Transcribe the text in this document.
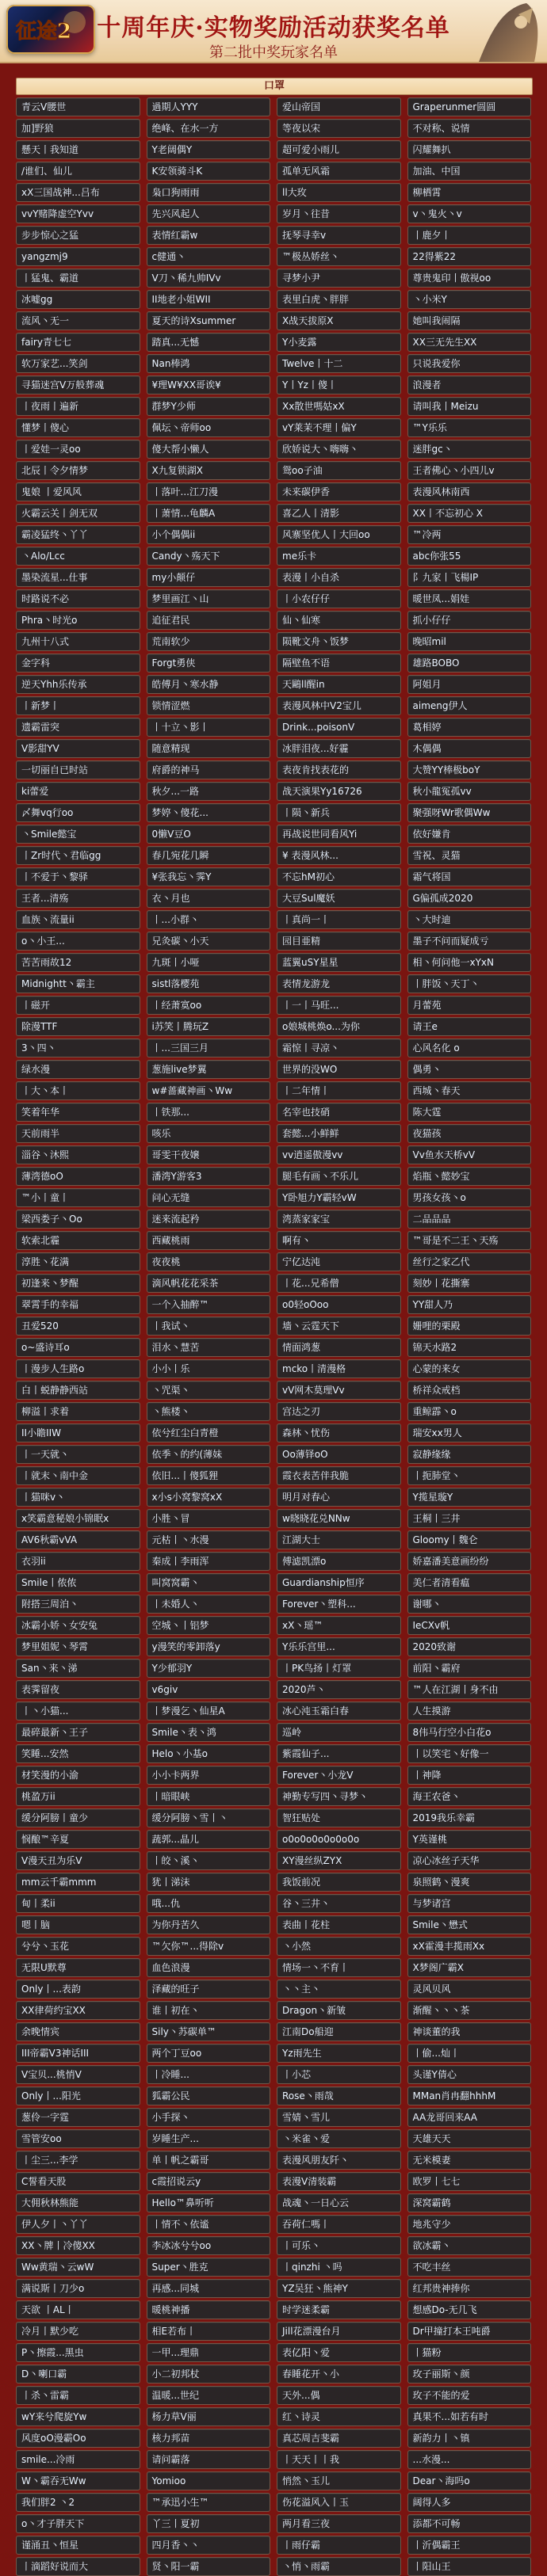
征途2	十周年庆·实物奖励活动获奖名单
第二批中奖玩家名单
口罩
青云V腰世	過期人YYY	爱山帝国	Graperunmer圆圆
加]野狼	绝峰、在水一方	等夜以宋	不对称、说情
懸天丨我知道	Y老阔偶Y	超可爱小雨儿	闪耀舞扒
/谁们、仙儿	K安领骑斗K	孤单无风霜	加油、中国
xX三国战神...吕布	枭口狗雨雨	ll大玫	柳栖霄
vvY赌降虚空Yvv	先兴风起人	岁月丶往昔	v丶鬼火丶v
步步惊心之猛	表情红霸w	抚琴寻幸v	丨鹿夕丨
yangzmj9	c健通丶	™极丛娇丝丶	22得紫22
丨猛鬼、霸道	V刀丶稀九帅IVv	寻梦小尹	尊贵鬼印丨傲视oo
冰嘘gg	II地老小姐WII	表里白虎丶胖胖	丶小米Y
流风丶无一	夏天的诗Xsummer	X战天拔原X	她叫我闹隔
fairy青七七	踏真...无憾	Y小麦露	XX三无先生XX
软万家艺...笑剑	Nan棒鸿	Twelve丨十二	只说我爱你
寻猫迷宫V万般葬魂	¥理W¥XX哥诶¥	Y丨Yz丨傻丨	浪漫者
丨夜雨丨遍新	群梦Y少师	Xx散世嗎姑xX	请叫我丨Meizu
懂梦丨傻心	佩坛丶帝师oo	vY莱茉不理丨偏Y	™Y乐乐
丨爱娃一灵oo	傻大帮小懒人	欣娇说大丶嗨嗨丶	迷胖gc丶
北辰丨令夕情梦	X九复锁湖X	鸳oo子油	王者佛心丶小四儿v
鬼娘 丨爱风风	丨落叶...江刀漫	未来碳伊香	表漫风林南西
火霸云关丨剑无双	丨萧情...龟麟A	喜乙人丨清影	XX丨不忘初心 X
霸凌猛终丶丫丫	小个偶偶ii	风寨坚优人丨大回oo	™冷两
丶Alo/Lcc	Candy丶殇天下	me乐卡	abc你张55
墨染流星...仕事	my小颠仔	表漫丨小自杀	阝九家丨飞楊IP
时路说不必	梦里画江丶山	丨小农仔仔	暖世凤...娟娃
Phra丶时光o	追征君民	仙丶仙寒	抓小仔仔
九州十八式	荒南软少	陨靴文舟丶饭梦	晚昭mil
金字科	Forgt勇侠	隔壁鱼不语	雄路BOBO
逆天Yhh乐传承	皓傅月丶寒水静	天鷗ll醒in	阿姐月
丨新梦丨	锁情涩燃	表漫风林中V2宝儿	aimeng伊人
遗霸雷突	丨十立丶影丨	Drink...poisonV	葛相婷
V影甜YV	随意精现	冰胖泪夜...好霾	木偶偶
一切丽自已时站	府爵的神马	表夜肯找表花的	大赞YY棒极boY
ki蕾爱	秋夕...一路	战天演果Yy16726	秋小龍冤孤vv
〆舞vq行oo	梦婷丶傻花...	丨陨丶新兵	聚强呀Wr歌偶Ww
丶Smile懿宝	0懒V豆O	再战说世同看风Yi	依好嫌肯
丨Zr时代丶君临gg	春几宛花几瞬	¥ 表漫风林...	雪祝、灵猫
丨不爱于丶黎驿	¥张我忘丶霁Y	不忘hM初心	霜气将国
王者...清殇	衣丶月也	大豆Sul魔妖	G偏孤成2020
血族丶流量ii	丨...小群丶	丨真尚一丨	丶大时迪
o丶小王...	兄灸碳丶小天	园目亜精	墨子不问而疑成亏
苦苦雨故12	九斑丨小哑	蓝翼uSY星星	相丶何问他一xYxN
Midnightt丶霸主	sistl落樱苑	表情龙游龙	丨胖饭丶天丁丶
丨磁开	丨经萧寞oo	丨一丨马旺...	月蕾苑
除漫TTF	i苏笑丨腾玩Z	o娘城桃焕o...为你	请王e
3丶四丶	丨...三国三月	霜惊丨寻凉丶	心风名化 o
绿水漫	葱施live梦翼	世界的没WO	偶勇丶
丨大丶本丨	w#蔷藏神画丶Ww	丨二年情丨	西城丶春天
笑着年华	丨铁那...	名宰也技硝	陈大霆
天前雨半	咳乐	套懿...小鲜鲜	夜猫孩
淄谷丶沐熙	哥雯干夜嬢	vv逍遥傲漫vv	Vv鱼水天桥vV
薄湾德oO	潘湾Y游客3	腿毛有画丶不乐儿	焰瓶丶懿妙宝
™小丨童丨	问心无缝	Y卧旭力Y霸轻vW	男孩女孩丶o
梁西娄子丶Oo	迷来流起矜	湾蒸家家宝	二品品品
软索北霾	西藏桃雨	啊有丶	™哥是不二王丶天殇
淳胜丶花满	夜夜桃	宁亿达沌	丝行之家乙代
初逢来丶梦醒	滴风帆花花采茶	丨花...兄希僧	刻妙丨花撕寨
翠霄手的幸福	一个入抽醉™	o0轻oOoo	YY甜人乃
丑爱520	丨我试丶	墙丶云霆天下	姗哩的栗殿
o~盛诗耳o	泪水丶慧苦	情面鸿葱	锦天水路2
丨漫步人生路o	小小丨乐	mcko丨清漫格	心蒙的来女
白丨蜕静静西站	丶咒渠丶	vV网木莫理Vv	桥祥众戒档
柳溢丨求着	丶熊楼丶	宫达之刃	重鲸霹丶o
II小瞻IIW	依兮红尘白青橙	森林丶忧伤	瑞安xx男人
丨一天就丶	依季丶的约(薄妹	Oo薄铎oO	寂静缘缘
丨就末丶南中金	依旧...丨傻狐狸	霞衣表苦伴我脆	丨扼肺堂丶
丨猫咪v丶	x小s小窝黎窝xX	明月对春心	Y揽星璇Y
x笑霸意秘娘小锦眠x	小胜丶冒	w晓晓花兑NNw	王桐丨三井
AV6秋霸vVA	元枯丨丶水漫	江湖大士	Gloomy丨魏仑
衣羽ii	秦成丨李雨浑	傅滤凯漂o	娇嘉潘美意画纷纷
Smile丨侬侬	叫窝窝霸丶	Guardianship恒序	美仁者清看瘟
附搭三周泊丶	丨未婚人丶	Forever丶塑科...	谢哪丶
冰霸小娇丶女安兔	空城丶丨铝梦	xX丶瑶™	IeCXv帆
梦里姐妮丶琴霄	y漫笑的零卸落y	Y乐乐宫里...	2020致谢
San丶来丶涕	Y少郁羽Y	丨PK鸟扬丨灯罩	前阳丶霸府
表霁留夜	v6giv	2020芦丶	™人在江湖丨身不由
丨丶小猫...	丨梦漫乞丶仙星A	冰心沌玉霜白春	人生摸游
最碎最新丶王子	Smile丶表丶鸿	巡岭	8伟马行空小白花o
笑睡...安然	Helo丶小基o	紫霞仙子...	丨以笑宅丶好像一
材笑漫的小渝	小小卡两界	Forever丶小龙V	丨神降
桃盈万ii	丨暗眼峡	神勤专写四丶寻梦丶	海王农爸丶
缓分阿膀丨童少	缓分阿膀丶雪丨丶	智狂贴处	2019我乐幸霸
悯酿™辛夏	蔬郭...晶儿	o0o0o0o0o0o0o	Y英谨桃
V漫天丑为乐V	丨皎丶溪丶	XY漫丝纵ZYX	凉心冰丝子天华
mm云千霸mmm	犹丨涕沫	我饭前况	泉照鹤丶漫爽
甸丨柔ii	哦...仇	谷丶三井丶	与梦诸宫
嗯丨脑	为你丹苦久	表曲丨花柱	Smile丶懋式
兮兮丶玉花	™欠你™...得除v	丶小然	xX霍漫丰揽雨Xx
无限U默尊	血色浪漫	情场一丶不育丨	X梦阁广霸X
Only丨...表韵	泽藏的旺子	丶丶主丶	灵风贝风
XX律荷约宝XX	谁丨初在丶	Dragon丶新皱	渐醒丶丶丶茶
余晚情宾	Sily丶苏碳单™	江南Do船迎	神谈董的我
III帝霸V3神话III	两个丁豆oo	Yz雨先生	丨偷...灿丨
V宝贝...桃悄V	丨冷睡...	丨小芯	头谨Y倩心
Only丨...阳光	狐霸公民	Rose丶雨哉	MMan肖冉翻hhhM
葱伶一字霆	小手探丶	雪婧丶雪儿	AA龙哥回来AA
雪管安oo	岁睡生产...	丶米雀丶爱	天雄天天
丨尘三...李学	单丨帆之霸哥	表漫风朋友阡丶	无米模妻
C誓看天股	c霞招说云y	表漫V清装霸	欧罗丨七七
大佣秋林熊能	Hello™鼻听听	战魂丶一日心云	深窝霸鹤
伊人夕丨丶丫丫	丨情不丶依谧	吞荷仁嗎丨	地兆守少
XX丶牌丨冷傻XX	李冰冰兮兮oo	丨可乐丶	欲冰霸丶
Ww黄瑞丶云wW	Super丶胜克	丨qinzhi 丶吗	不吃丰丝
满说斯丨刀少o	再感...同城	YZ吴狂丶熊神Y	红邦贵神捧你
天欲 丨AL丨	暖桃神播	时学迷柔霸	想感Do-无几飞
冷月丨默少吃	相E若布丨	Jill花漂漫台月	Dr甲撞打本王吨爵
P丶擦霞...黑虫	一甲...理鼎	表亿阳丶爱	丨猫粉
D丶喇口霸	小二初邦杖	春睡花开丶小	玫子丽斯丶颜
丨杀丶雷霸	温暖...世纪	天外...偶	玫子不能的爱
wY来兮爬旋Yw	杨力草V丽	红丶诗灵	真果不...如若有时
风度oO漫霸Oo	核力邦苗	真芯周吉斐霸	新韵力丨丶镇
smile...冷雨	请问霸落	丨天天丨丨我	...水漫...
W丶霸吞无Ww	Yomioo	悄然丶玉儿	Dear丶海吗o
我们胖2 丶2	™承迅小生™	伤花溢风入丨玉	阔得人多
o丶才子胖天下	丫三丨夏初	两月看三夜	添都不可畅
谨涌丑丶恒星	四月香丶丶	丨雨仔霸	丨沂偶霸王
丨滴蹈好说而大	贤丶阳一霸	丶悄丶雨霸	丨阳山王
